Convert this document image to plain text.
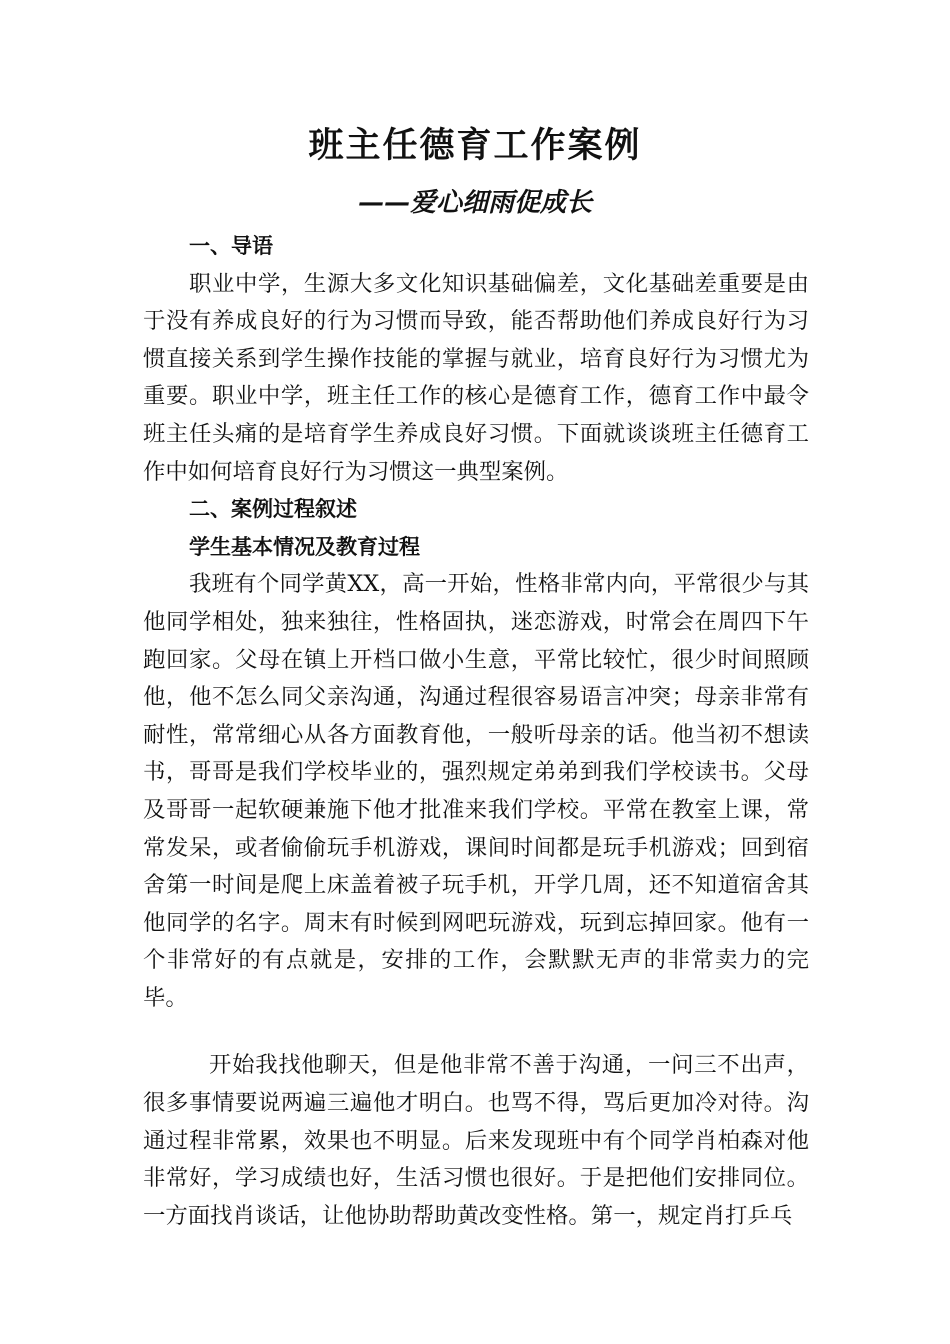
班主任德育工作案例
——爱心细雨促成长

一、导语

职业中学，生源大多文化知识基础偏差，文化基础差重要是由于没有养成良好的行为习惯而导致，能否帮助他们养成良好行为习惯直接关系到学生操作技能的掌握与就业，培育良好行为习惯尤为重要。职业中学，班主任工作的核心是德育工作，德育工作中最令班主任头痛的是培育学生养成良好习惯。下面就谈谈班主任德育工作中如何培育良好行为习惯这一典型案例。

二、案例过程叙述

学生基本情况及教育过程

我班有个同学黄XX，高一开始，性格非常内向，平常很少与其他同学相处，独来独往，性格固执，迷恋游戏，时常会在周四下午跑回家。父母在镇上开档口做小生意，平常比较忙，很少时间照顾他，他不怎么同父亲沟通，沟通过程很容易语言冲突；母亲非常有耐性，常常细心从各方面教育他，一般听母亲的话。他当初不想读书，哥哥是我们学校毕业的，强烈规定弟弟到我们学校读书。父母及哥哥一起软硬兼施下他才批准来我们学校。平常在教室上课，常常发呆，或者偷偷玩手机游戏，课间时间都是玩手机游戏；回到宿舍第一时间是爬上床盖着被子玩手机，开学几周，还不知道宿舍其他同学的名字。周末有时候到网吧玩游戏，玩到忘掉回家。他有一个非常好的有点就是，安排的工作，会默默无声的非常卖力的完毕。

开始我找他聊天，但是他非常不善于沟通，一问三不出声，很多事情要说两遍三遍他才明白。也骂不得，骂后更加冷对待。沟通过程非常累，效果也不明显。后来发现班中有个同学肖柏森对他非常好，学习成绩也好，生活习惯也很好。于是把他们安排同位。一方面找肖谈话，让他协助帮助黄改变性格。第一，规定肖打乒乓
